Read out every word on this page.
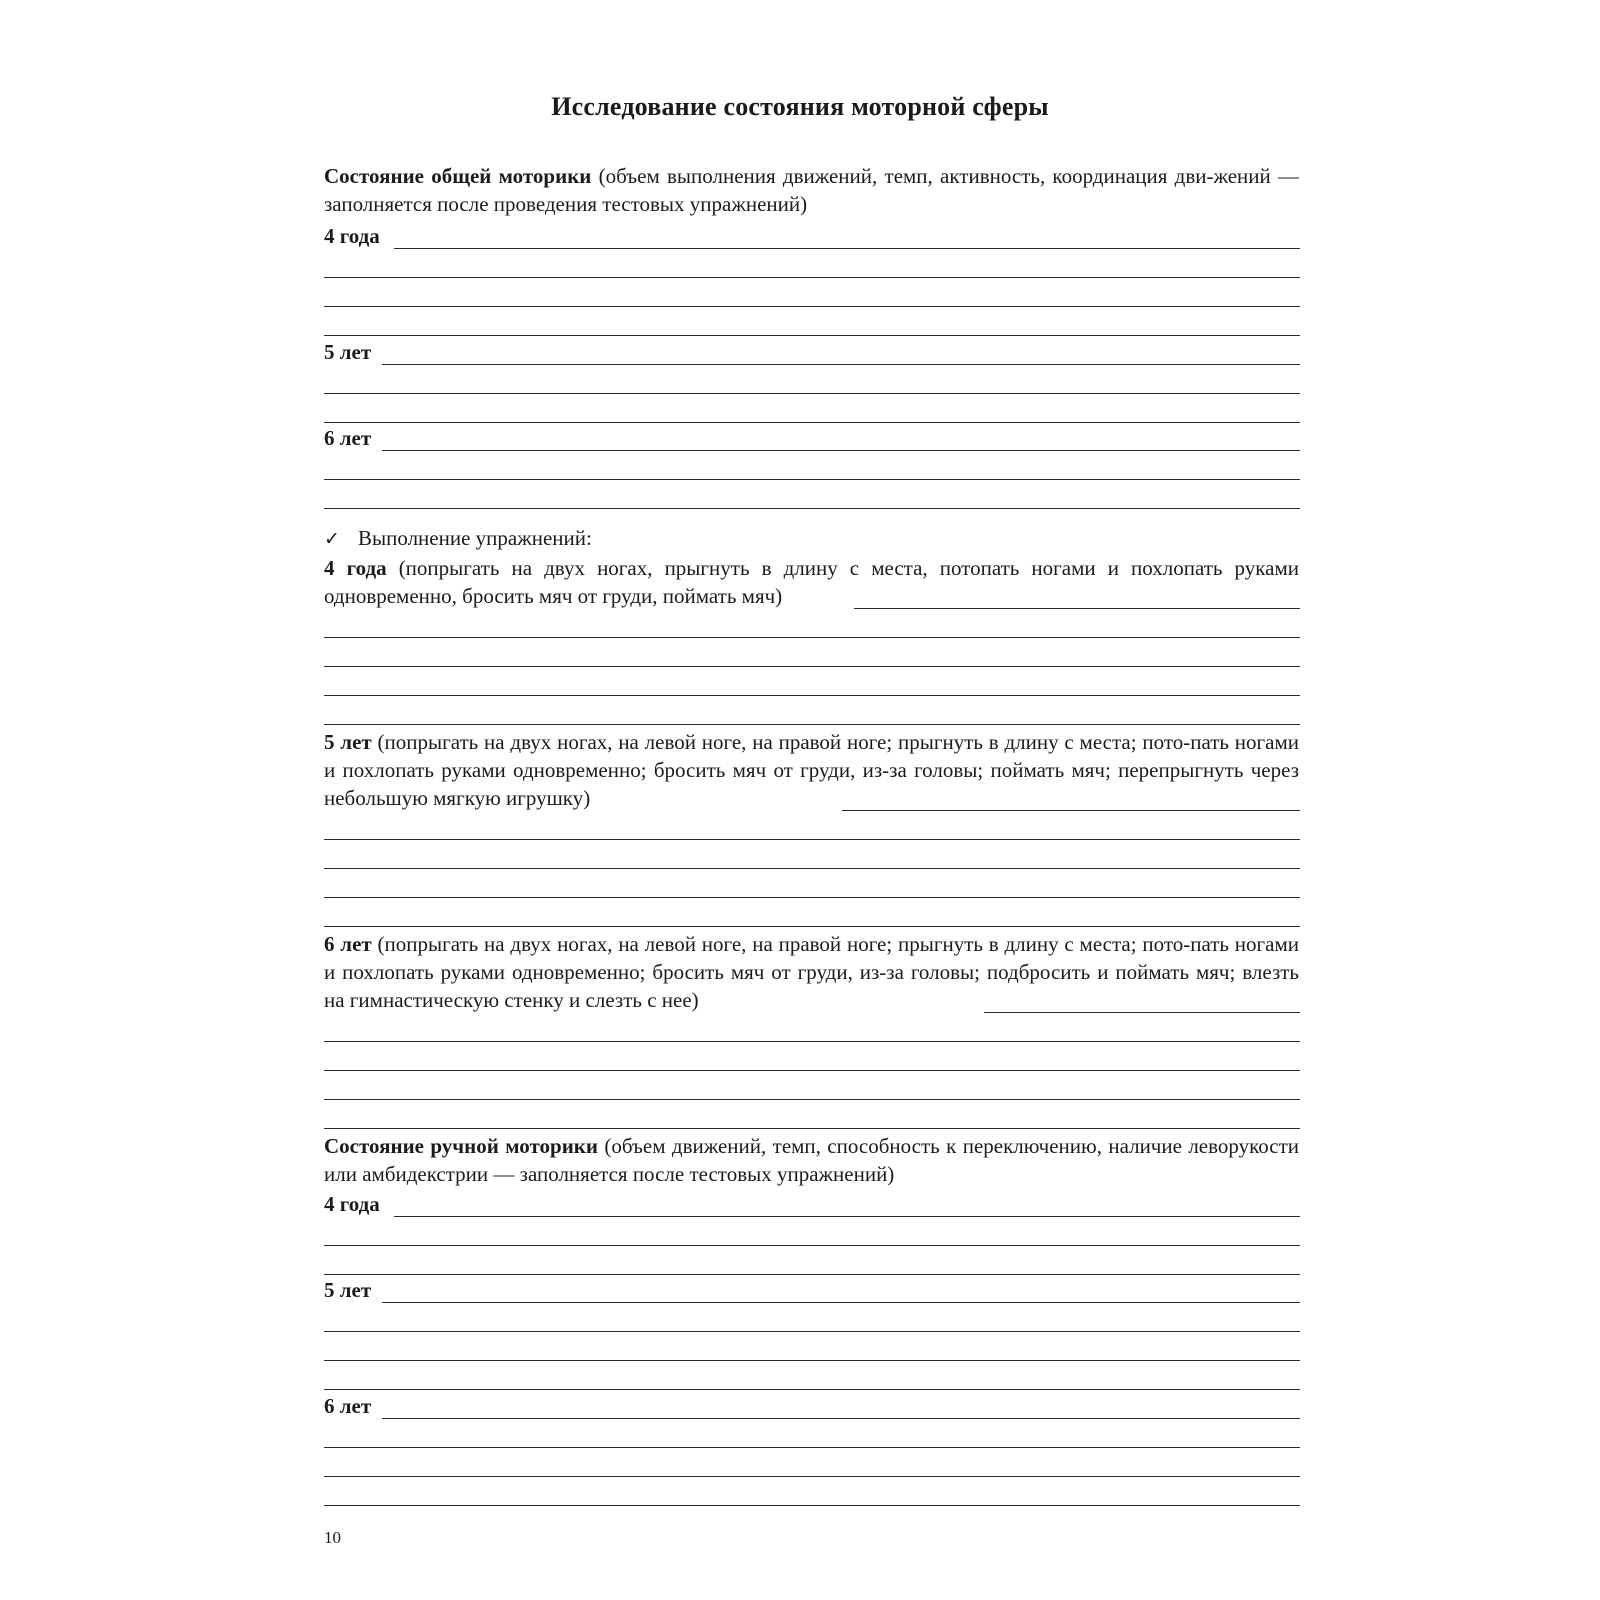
Исследование состояния моторной сферы
Состояние общей моторики (объем выполнения движений, темп, активность, координация дви-жений — заполняется после проведения тестовых упражнений)
4 года
5 лет
6 лет
✓ Выполнение упражнений:
4 года (попрыгать на двух ногах, прыгнуть в длину с места, потопать ногами и похлопать руками одновременно, бросить мяч от груди, поймать мяч)
5 лет (попрыгать на двух ногах, на левой ноге, на правой ноге; прыгнуть в длину с места; пото-пать ногами и похлопать руками одновременно; бросить мяч от груди, из-за головы; поймать мяч; перепрыгнуть через небольшую мягкую игрушку)
6 лет (попрыгать на двух ногах, на левой ноге, на правой ноге; прыгнуть в длину с места; пото-пать ногами и похлопать руками одновременно; бросить мяч от груди, из-за головы; подбросить и поймать мяч; влезть на гимнастическую стенку и слезть с нее)
Состояние ручной моторики (объем движений, темп, способность к переключению, наличие леворукости или амбидекстрии — заполняется после тестовых упражнений)
4 года
5 лет
6 лет
10
